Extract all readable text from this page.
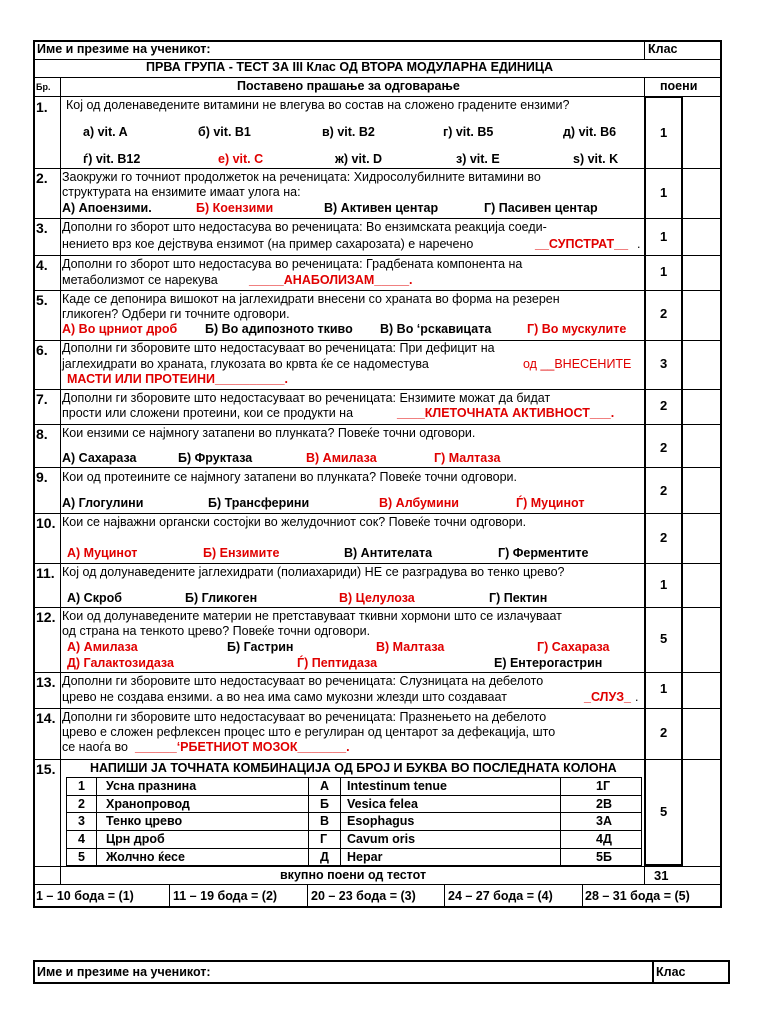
Име и презиме на ученикот:	Клас
ПРВА ГРУПА - ТЕСТ ЗА III Клас ОД ВТОРА МОДУЛАРНА ЕДИНИЦА
Бр.	Поставено прашање за одговарање	поени
1. Кој од доленаведените витамини не влегува во состав на сложено градените ензими?
а) vit. A	б) vit. B1	в) vit. B2	г) vit. B5	д) vit. B6
ѓ) vit. B12	е) vit. C	ж) vit. D	з) vit. E	ѕ) vit. K
1
2. Заокружи го точниот продолжеток на реченицата: Хидросолубилните витамини во
структурата на ензимите имаат улога на:
А) Апоензими.	Б) Коензими	В) Активен центар	Г) Пасивен центар
1
3. Дополни го зборот што недостасува во реченицата: Во ензимската реакција соеди-
нението врз кое дејствува ензимот (на пример сахарозата) е наречено	__СУПСТРАТ__ . 1
4. Дополни го зборот што недостасува во реченицата: Градбената компонента на
метаболизмот се нарекува	_____АНАБОЛИЗАМ_____.
1
5. Каде се депонира вишокот на јаглехидрати внесени со храната во форма на резерен
гликоген? Одбери ги точните одговори.
А) Во црниот дроб Б) Во адипозното ткиво В) Во ‘рскавицата	Г) Во мускулите
2
6. Дополни ги зборовите што недостасуваат во реченицата: При дефицит на
јаглехидрати во храната, глукозата во крвта ќе се надоместува	од __ВНЕСЕНИТЕ
МАСТИ ИЛИ ПРОТЕИНИ__________.
3
7. Дополни ги зборовите што недостасуваат во реченицата: Ензимите можат да бидат
прости или сложени протеини, кои се продукти на	____КЛЕТОЧНАТА АКТИВНОСТ___.	2
8. Кои ензими се најмногу затапени во плунката? Повеќе точни одговори.
А) Сахараза	Б) Фруктаза	В) Амилаза	Г) Малтаза
2
9. Кои од протеините се најмногу затапени во плунката? Повеќе точни одговори.
А) Глогулини	Б) Трансферини	В) Албумини	Ѓ) Муцинот
2
10. Кои се најважни органски состојки во желудочниот сок? Повеќе точни одговори.
А) Муцинот	Б) Ензимите	В) Антителата	Г) Ферментите
2
11. Кој од долунаведените јаглехидрати (полиахариди) НЕ се разградува во тенко црево?
А) Скроб	Б) Гликоген	В) Целулоза	Г) Пектин
1
12. Кои од долунаведените материи не претставуваат ткивни хормони што се излачуваат
од страна на тенкото црево? Повеќе точни одговори.
А) Амилаза	Б) Гастрин	В) Малтаза	Г) Сахараза
Д) Галактозидаза	Ѓ) Пептидаза	Е) Ентерогастрин
5
13. Дополни ги зборовите што недостасуваат во реченицата: Слузницата на дебелото
црево не создава ензими. а во неа има само мукозни жлезди што создаваат	_СЛУЗ_ .
1
14. Дополни ги зборовите што недостасуваат во реченицата: Празнењето на дебелото
црево е сложен рефлексен процес што е регулиран од центарот за дефекација, што
се наоѓа во ______‘РБЕТНИОТ МОЗОК_______.
2
15.	НАПИШИ ЈА ТОЧНАТА КОМБИНАЦИЈА ОД БРОЈ И БУКВА ВО ПОСЛЕДНАТА КОЛОНА
1 Усна празнина	А Intestinum tenue	1Г
2 Хранопровод	Б Vesica felea	2В
3 Тенко црево	В Esophagus	3А
4 Црн дроб	Г Cavum oris	4Д
5 Жолчно ќесе	Д Hepar	5Б
5
вкупно поени од тестот	31
1 – 10 бода = (1)	11 – 19 бода = (2)	20 – 23 бода = (3)	24 – 27 бода = (4)	28 – 31 бода = (5)
Име и презиме на ученикот:	Клас
